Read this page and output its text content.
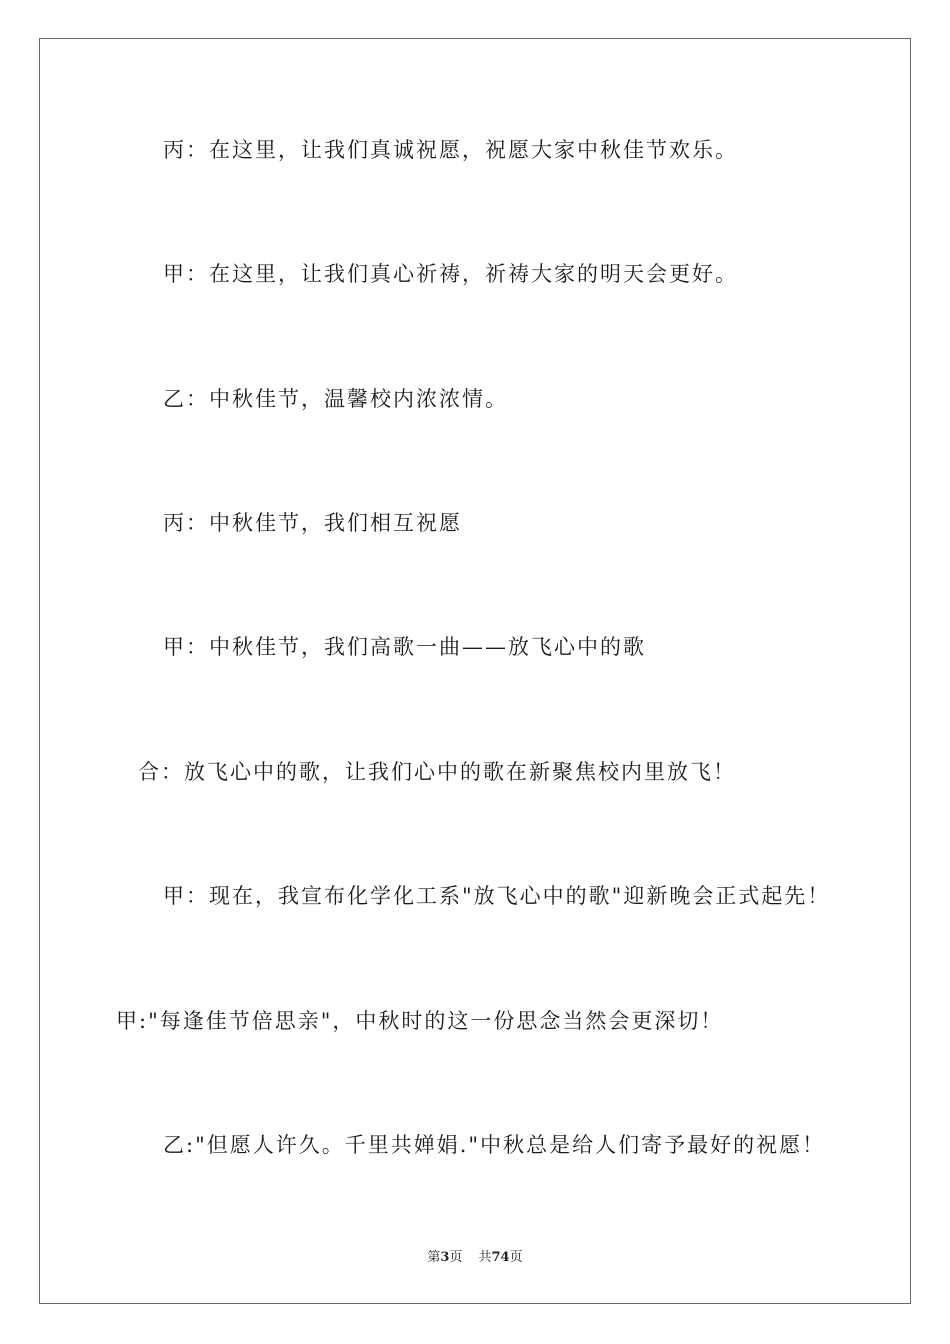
丙：在这里，让我们真诚祝愿，祝愿大家中秋佳节欢乐。
甲：在这里，让我们真心祈祷，祈祷大家的明天会更好。
乙：中秋佳节，温馨校内浓浓情。
丙：中秋佳节，我们相互祝愿
甲：中秋佳节，我们高歌一曲——放飞心中的歌
合：放飞心中的歌，让我们心中的歌在新聚焦校内里放飞！
甲：现在，我宣布化学化工系"放飞心中的歌"迎新晚会正式起先！
甲:"每逢佳节倍思亲"，中秋时的这一份思念当然会更深切！
乙:"但愿人许久。千里共婵娟."中秋总是给人们寄予最好的祝愿！
第3页 共74页
